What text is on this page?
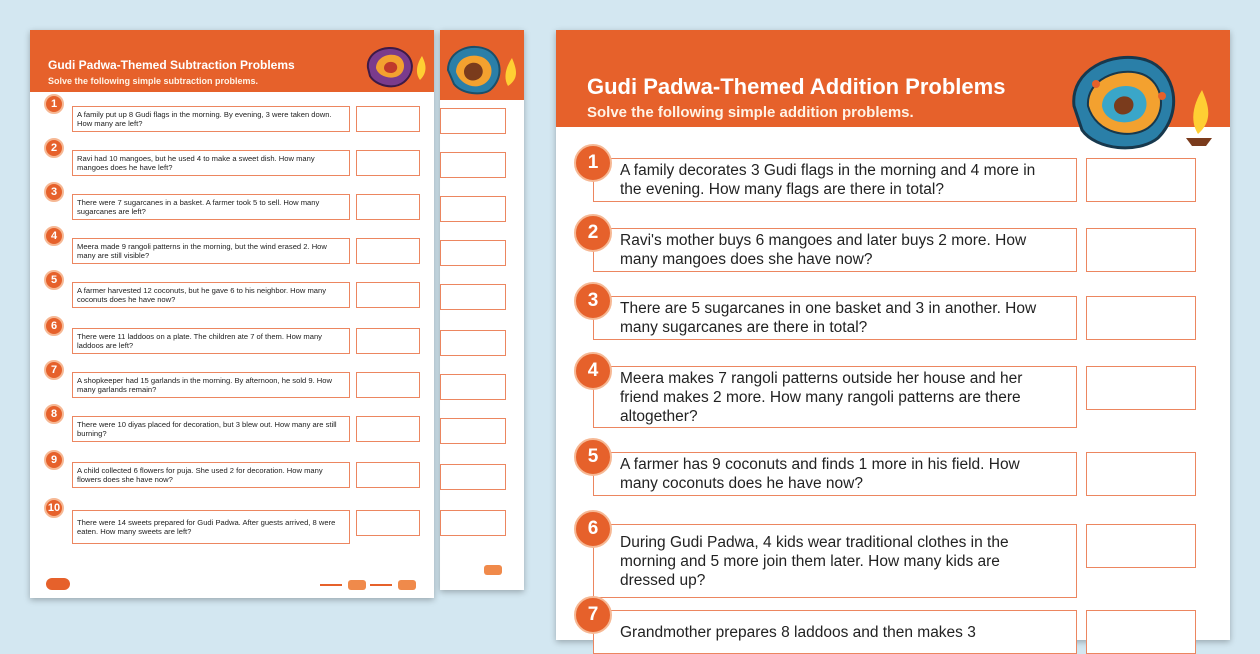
Gudi Padwa-Themed Subtraction Problems
Solve the following simple subtraction problems.
A family put up 8 Gudi flags in the morning. By evening, 3 were taken down. How many are left?
1
Ravi had 10 mangoes, but he used 4 to make a sweet dish. How many mangoes does he have left?
2
There were 7 sugarcanes in a basket. A farmer took 5 to sell. How many sugarcanes are left?
3
Meera made 9 rangoli patterns in the morning, but the wind erased 2. How many are still visible?
4
A farmer harvested 12 coconuts, but he gave 6 to his neighbor. How many coconuts does he have now?
5
There were 11 laddoos on a plate. The children ate 7 of them. How many laddoos are left?
6
A shopkeeper had 15 garlands in the morning. By afternoon, he sold 9. How many garlands remain?
7
There were 10 diyas placed for decoration, but 3 blew out. How many are still burning?
8
A child collected 6 flowers for puja. She used 2 for decoration. How many flowers does she have now?
9
There were 14 sweets prepared for Gudi Padwa. After guests arrived, 8 were eaten. How many sweets are left?
10
Gudi Padwa-Themed Addition Problems
Solve the following simple addition problems.
A family decorates 3 Gudi flags in the morning and 4 more in the evening. How many flags are there in total?
1
Ravi's mother buys 6 mangoes and later buys 2 more. How many mangoes does she have now?
2
There are 5 sugarcanes in one basket and 3 in another. How many sugarcanes are there in total?
3
Meera makes 7 rangoli patterns outside her house and her friend makes 2 more. How many rangoli patterns are there altogether?
4
A farmer has 9 coconuts and finds 1 more in his field. How many coconuts does he have now?
5
During Gudi Padwa, 4 kids wear traditional clothes in the morning and 5 more join them later. How many kids are dressed up?
6
Grandmother prepares 8 laddoos and then makes 3
7
